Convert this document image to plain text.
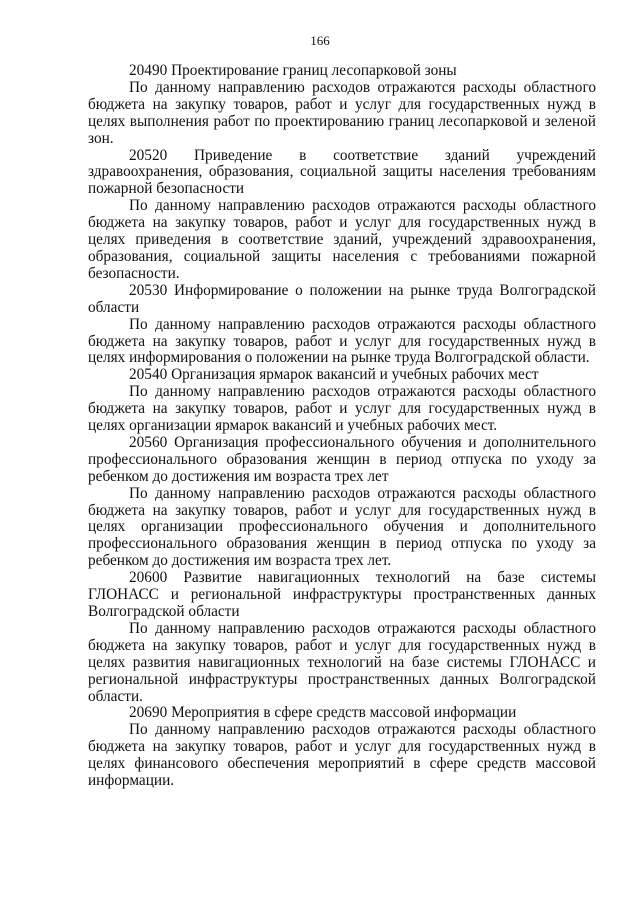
166

20490 Проектирование границ лесопарковой зоны

По данному направлению расходов отражаются расходы областного бюджета на закупку товаров, работ и услуг для государственных нужд в целях выполнения работ по проектированию границ лесопарковой и зеленой зон.

20520 Приведение в соответствие зданий учреждений здравоохранения, образования, социальной защиты населения требованиям пожарной безопасности

По данному направлению расходов отражаются расходы областного бюджета на закупку товаров, работ и услуг для государственных нужд в целях приведения в соответствие зданий, учреждений здравоохранения, образования, социальной защиты населения с требованиями пожарной безопасности.

20530 Информирование о положении на рынке труда Волгоградской области

По данному направлению расходов отражаются расходы областного бюджета на закупку товаров, работ и услуг для государственных нужд в целях информирования о положении на рынке труда Волгоградской области.

20540 Организация ярмарок вакансий и учебных рабочих мест

По данному направлению расходов отражаются расходы областного бюджета на закупку товаров, работ и услуг для государственных нужд в целях организации ярмарок вакансий и учебных рабочих мест.

20560 Организация профессионального обучения и дополнительного профессионального образования женщин в период отпуска по уходу за ребенком до достижения им возраста трех лет

По данному направлению расходов отражаются расходы областного бюджета на закупку товаров, работ и услуг для государственных нужд в целях организации профессионального обучения и дополнительного профессионального образования женщин в период отпуска по уходу за ребенком до достижения им возраста трех лет.

20600 Развитие навигационных технологий на базе системы ГЛОНАСС и региональной инфраструктуры пространственных данных Волгоградской области

По данному направлению расходов отражаются расходы областного бюджета на закупку товаров, работ и услуг для государственных нужд в целях развития навигационных технологий на базе системы ГЛОНАСС и региональной инфраструктуры пространственных данных Волгоградской области.

20690 Мероприятия в сфере средств массовой информации

По данному направлению расходов отражаются расходы областного бюджета на закупку товаров, работ и услуг для государственных нужд в целях финансового обеспечения мероприятий в сфере средств массовой информации.
